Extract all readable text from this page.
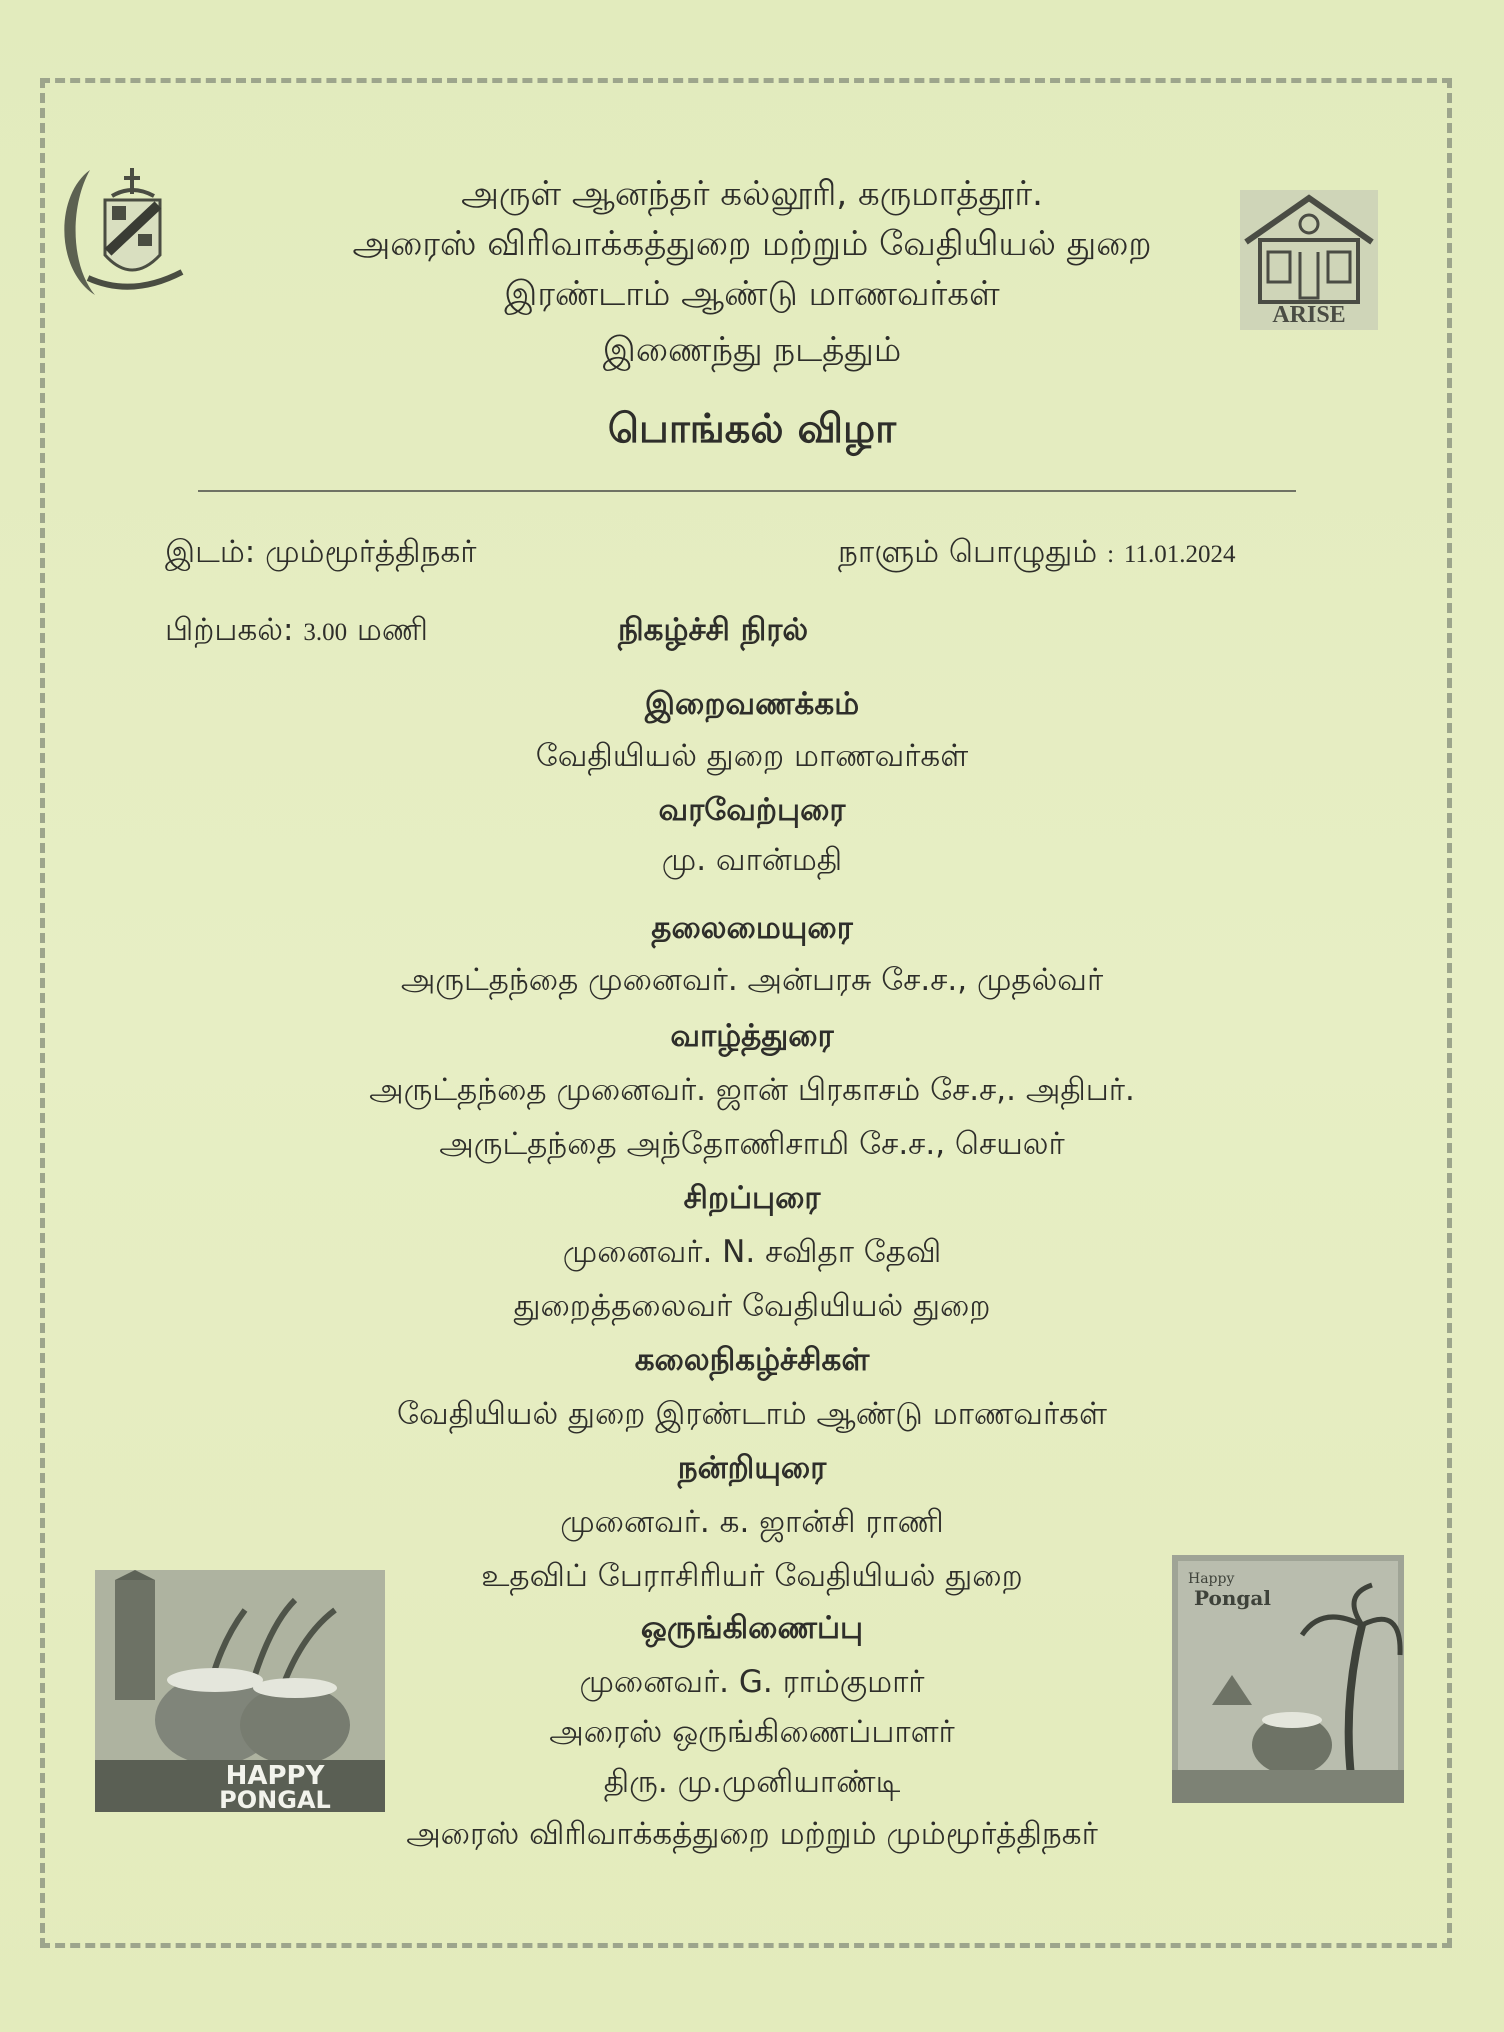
ARISE
அருள் ஆனந்தர் கல்லூரி, கருமாத்தூர்.
அரைஸ் விரிவாக்கத்துறை மற்றும் வேதியியல் துறை
இரண்டாம் ஆண்டு மாணவர்கள்
இணைந்து நடத்தும்
பொங்கல் விழா
இடம்: மும்மூர்த்திநகர்	நாளும் பொழுதும் : 11.01.2024
பிற்பகல்: 3.00 மணி	நிகழ்ச்சி நிரல்
இறைவணக்கம்
வேதியியல் துறை மாணவர்கள்
வரவேற்புரை
மு. வான்மதி
தலைமையுரை
அருட்தந்தை முனைவர். அன்பரசு சே.ச., முதல்வர்
வாழ்த்துரை
அருட்தந்தை முனைவர். ஜான் பிரகாசம் சே.ச,. அதிபர்.
அருட்தந்தை அந்தோணிசாமி சே.ச., செயலர்
சிறப்புரை
முனைவர். N. சவிதா தேவி
துறைத்தலைவர் வேதியியல் துறை
கலைநிகழ்ச்சிகள்
வேதியியல் துறை இரண்டாம் ஆண்டு மாணவர்கள்
நன்றியுரை
முனைவர். க. ஜான்சி ராணி
உதவிப் பேராசிரியர் வேதியியல் துறை
ஒருங்கிணைப்பு
முனைவர். G. ராம்குமார்
அரைஸ் ஒருங்கிணைப்பாளர்
திரு. மு.முனியாண்டி
அரைஸ் விரிவாக்கத்துறை மற்றும் மும்மூர்த்திநகர்
HAPPY
PONGAL
Happy
Pongal
